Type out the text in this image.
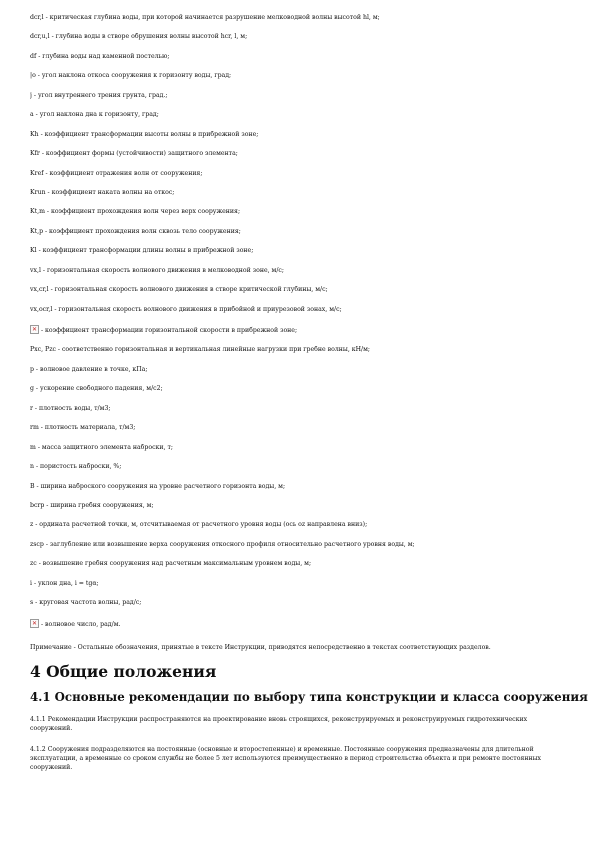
dcr,l - критическая глубина воды, при которой начинается разрушение мелководной волны высотой hl, м;

dcr,u,l - глубина воды в створе обрушения волны высотой hcr, l, м;

df - глубина воды над каменной постелью;

|o - угол наклона откоса сооружения к горизонту воды, град;

j - угол внутреннего трения грунта, град.;

a - угол наклона дна к горизонту, град;

Kh - коэффициент трансформации высоты волны в прибрежной зоне;

Kfr - коэффициент формы (устойчивости) защитного элемента;

Kref - коэффициент отражения волн от сооружения;

Krun - коэффициент наката волны на откос;

Kt,m - коэффициент прохождения волн через верх сооружения;

Kt,p - коэффициент прохождения волн сквозь тело сооружения;

Kl - коэффициент трансформации длины волны в прибрежной зоне;

vx,l - горизонтальная скорость волнового движения в мелководной зоне, м/с;

vx,cr,l - горизонтальная скорость волнового движения в створе критической глубины, м/с;

vx,ocr,l - горизонтальная скорость волнового движения в прибойной и приурезовой зонах, м/с;

✕- коэффициент трансформации горизонтальной скорости в прибрежной зоне;

Pxc, Pzc - соответственно горизонтальная и вертикальная линейные нагрузки при гребне волны, кН/м;

p - волновое давление в точке, кПа;

g - ускорение свободного падения, м/с2;

r - плотность воды, т/м3;

rm - плотность материала, т/м3;

m - масса защитного элемента наброски, т;

n - пористость наброски, %;

B - ширина наброского сооружения на уровне расчетного горизонта воды, м;

bcrp - ширина гребня сооружения, м;

z - ордината расчетной точки, м, отсчитываемая от расчетного уровня воды (ось oz направлена вниз);

zscp - заглубление или возвышение верха сооружения откосного профиля относительно расчетного уровня воды, м;

zc - возвышение гребня сооружения над расчетным максимальным уровнем воды, м;

i - уклон дна, i = tgα;

s - круговая частота волны, рад/с;

✕- волновое число, рад/м.

Примечание - Остальные обозначения, принятые в тексте Инструкции, приводятся непосредственно в текстах соответствующих разделов.

4 Общие положения
4.1 Основные рекомендации по выбору типа конструкции и класса сооружения

4.1.1 Рекомендации Инструкции распространяются на проектирование вновь строящихся, реконструируемых и реконструируемых гидротехнических сооружений.

4.1.2 Сооружения подразделяются на постоянные (основные и второстепенные) и временные. Постоянные сооружения предназначены для длительной эксплуатации, а временные со сроком службы не более 5 лет используются преимущественно в период строительства объекта и при ремонте постоянных сооружений.
